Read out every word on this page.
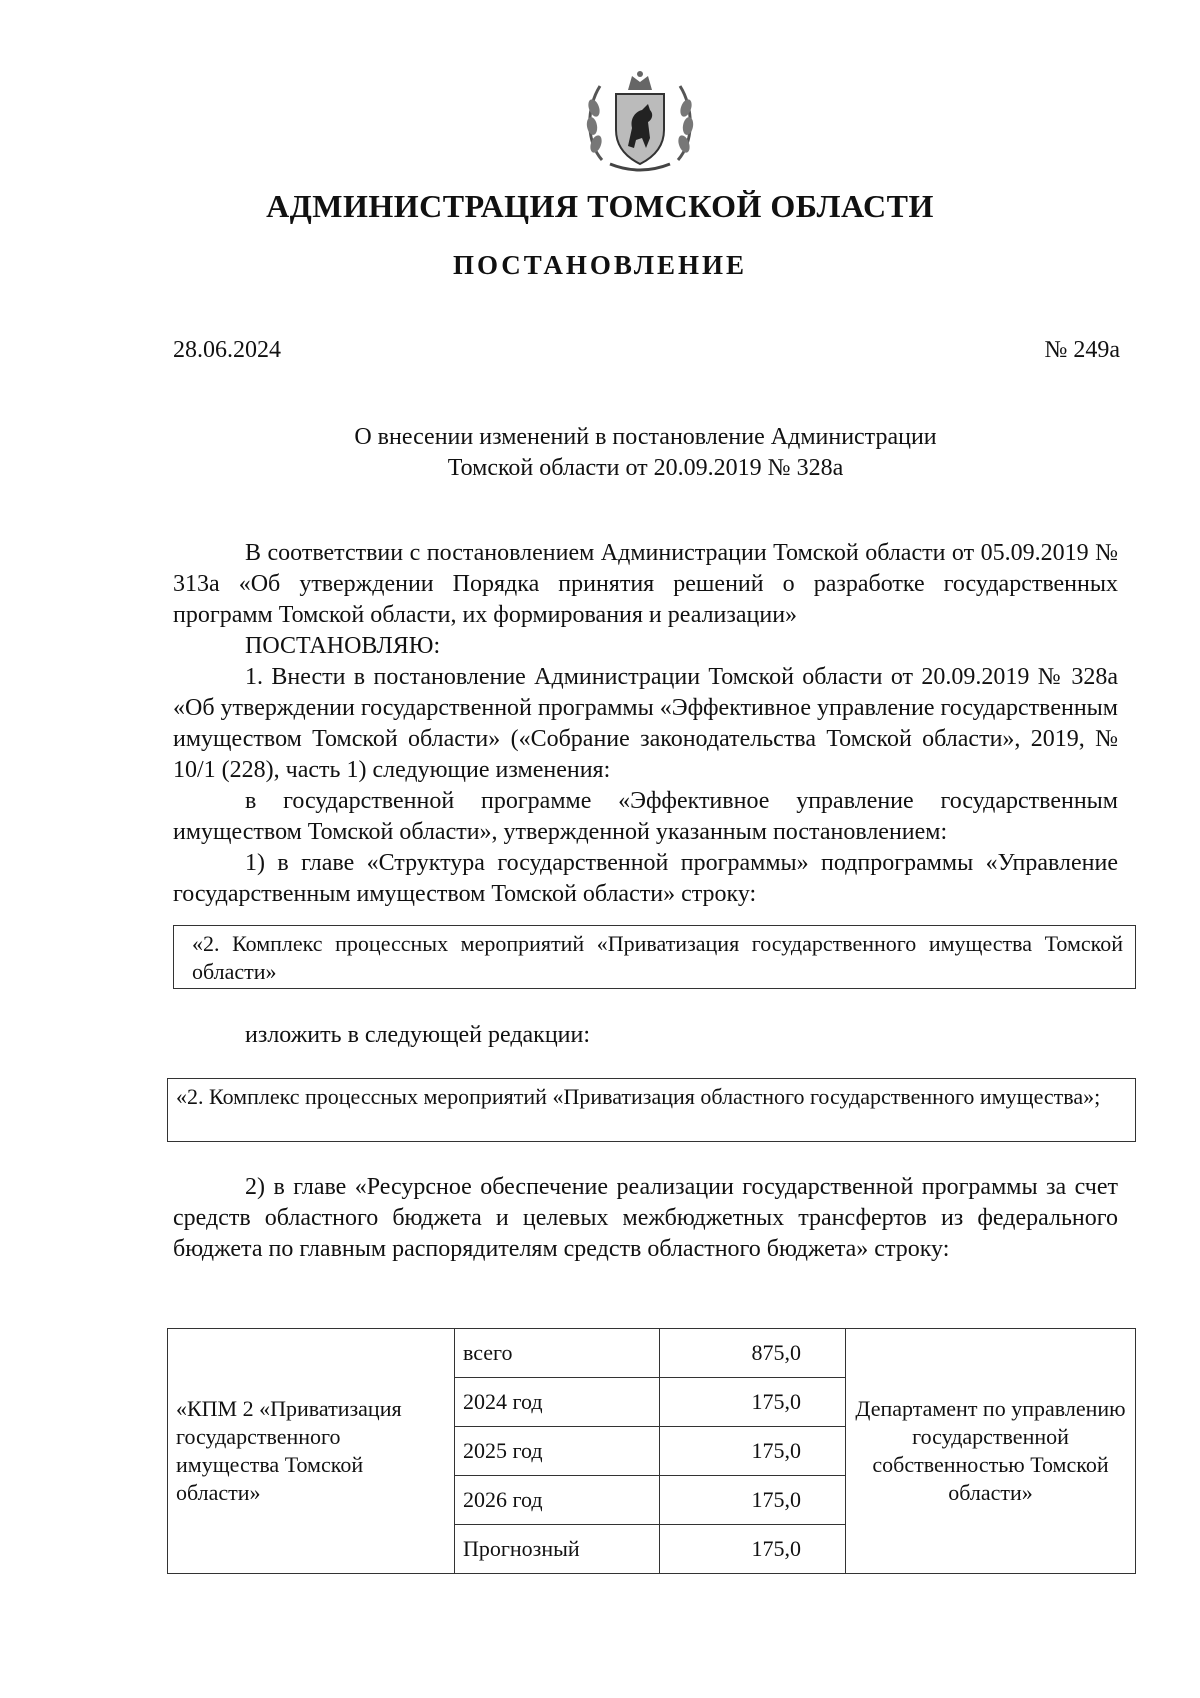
АДМИНИСТРАЦИЯ ТОМСКОЙ ОБЛАСТИ
ПОСТАНОВЛЕНИЕ
28.06.2024	№ 249а
О внесении изменений в постановление Администрации
Томской области от 20.09.2019 № 328а
В соответствии с постановлением Администрации Томской области от 05.09.2019 № 313а «Об утверждении Порядка принятия решений о разработке государственных программ Томской области, их формирования и реализации»
ПОСТАНОВЛЯЮ:
1. Внести в постановление Администрации Томской области от 20.09.2019 № 328а «Об утверждении государственной программы «Эффективное управление государственным имуществом Томской области» («Собрание законодательства Томской области», 2019, № 10/1 (228), часть 1) следующие изменения:
в государственной программе «Эффективное управление государственным имуществом Томской области», утвержденной указанным постановлением:
1) в главе «Структура государственной программы» подпрограммы «Управление государственным имуществом Томской области» строку:
«2. Комплекс процессных мероприятий «Приватизация государственного имущества Томской области»
изложить в следующей редакции:
«2. Комплекс процессных мероприятий «Приватизация областного государственного имущества»;
2) в главе «Ресурсное обеспечение реализации государственной программы за счет средств областного бюджета и целевых межбюджетных трансфертов из федерального бюджета по главным распорядителям средств областного бюджета» строку:
«КПМ 2 «Приватизация государственного имущества Томской области»	всего	875,0	Департамент по управлению государственной собственностью Томской области»
	2024 год	175,0	
	2025 год	175,0	
	2026 год	175,0	
	Прогнозный	175,0	
